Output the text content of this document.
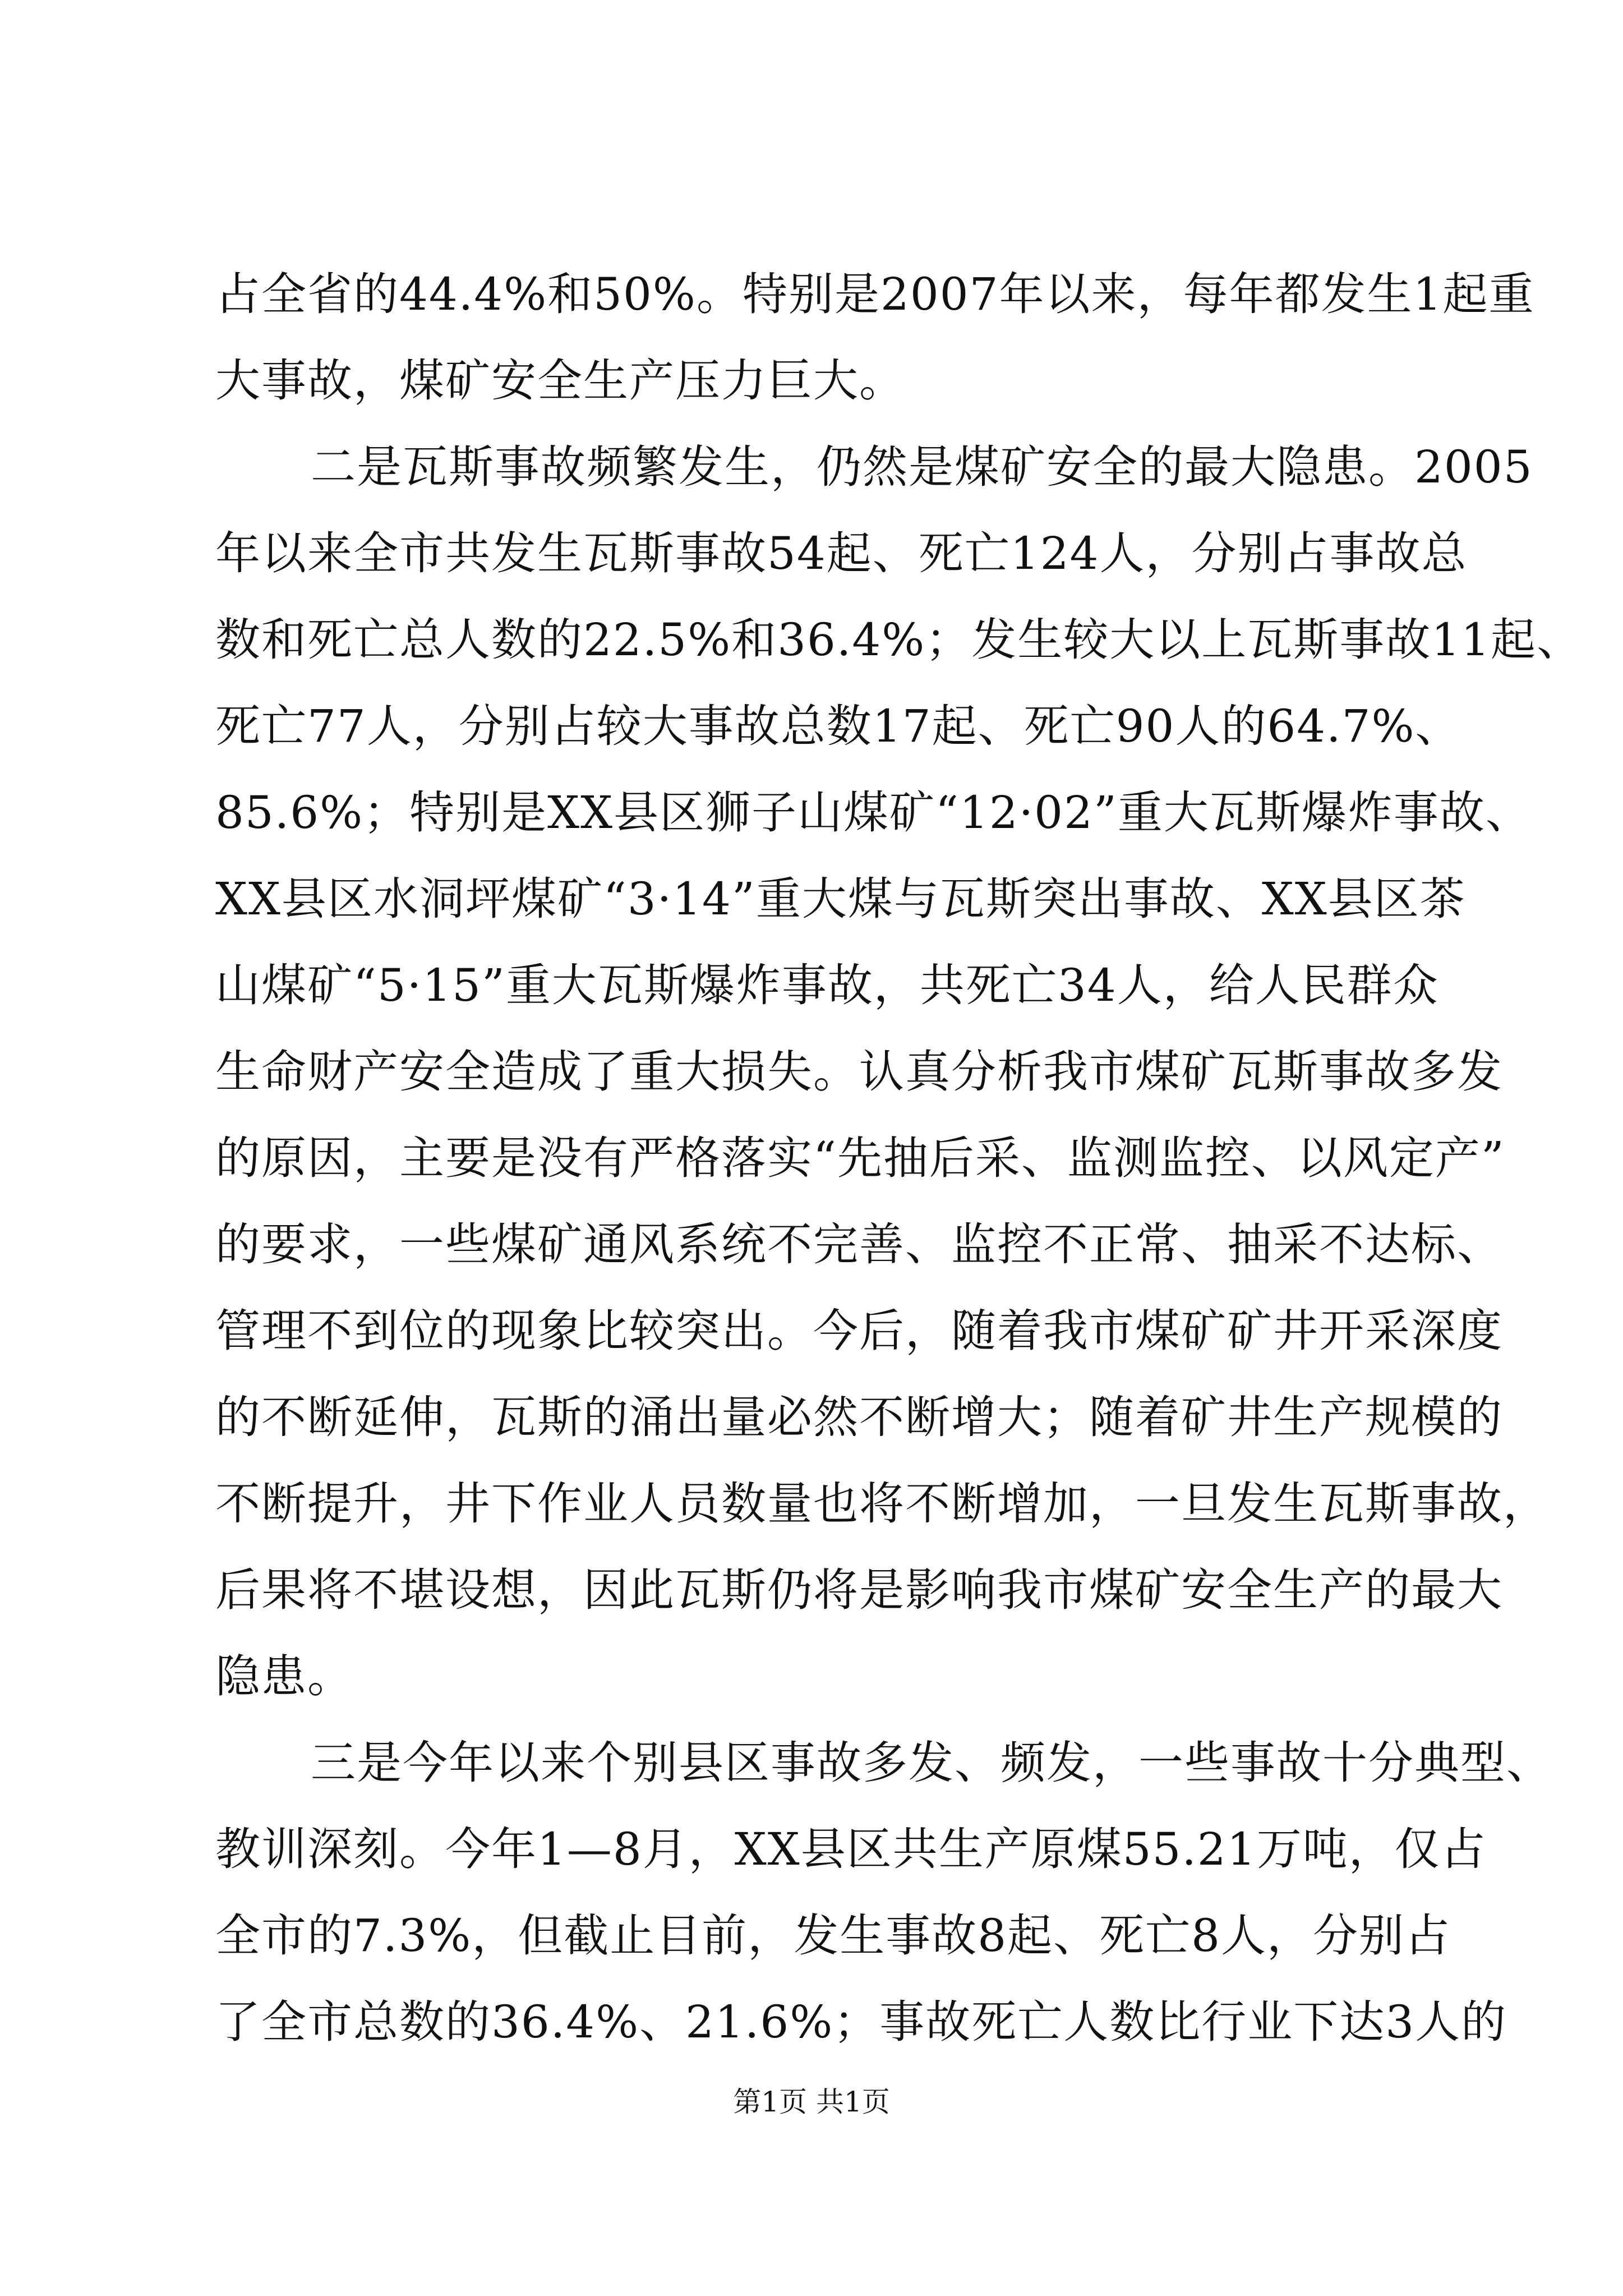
占全省的44.4%和50%。特别是2007年以来，每年都发生1起重
大事故，煤矿安全生产压力巨大。
二是瓦斯事故频繁发生，仍然是煤矿安全的最大隐患。2005
年以来全市共发生瓦斯事故54起、死亡124人，分别占事故总
数和死亡总人数的22.5%和36.4%；发生较大以上瓦斯事故11起、
死亡77人，分别占较大事故总数17起、死亡90人的64.7%、
85.6%；特别是XX县区狮子山煤矿“12·02”重大瓦斯爆炸事故、
XX县区水洞坪煤矿“3·14”重大煤与瓦斯突出事故、XX县区茶
山煤矿“5·15”重大瓦斯爆炸事故，共死亡34人，给人民群众
生命财产安全造成了重大损失。认真分析我市煤矿瓦斯事故多发
的原因，主要是没有严格落实“先抽后采、监测监控、以风定产”
的要求，一些煤矿通风系统不完善、监控不正常、抽采不达标、
管理不到位的现象比较突出。今后，随着我市煤矿矿井开采深度
的不断延伸，瓦斯的涌出量必然不断增大；随着矿井生产规模的
不断提升，井下作业人员数量也将不断增加，一旦发生瓦斯事故，
后果将不堪设想，因此瓦斯仍将是影响我市煤矿安全生产的最大
隐患。
三是今年以来个别县区事故多发、频发，一些事故十分典型、
教训深刻。今年1—8月，XX县区共生产原煤55.21万吨，仅占
全市的7.3%，但截止目前，发生事故8起、死亡8人，分别占
了全市总数的36.4%、21.6%；事故死亡人数比行业下达3人的
第1页 共1页
